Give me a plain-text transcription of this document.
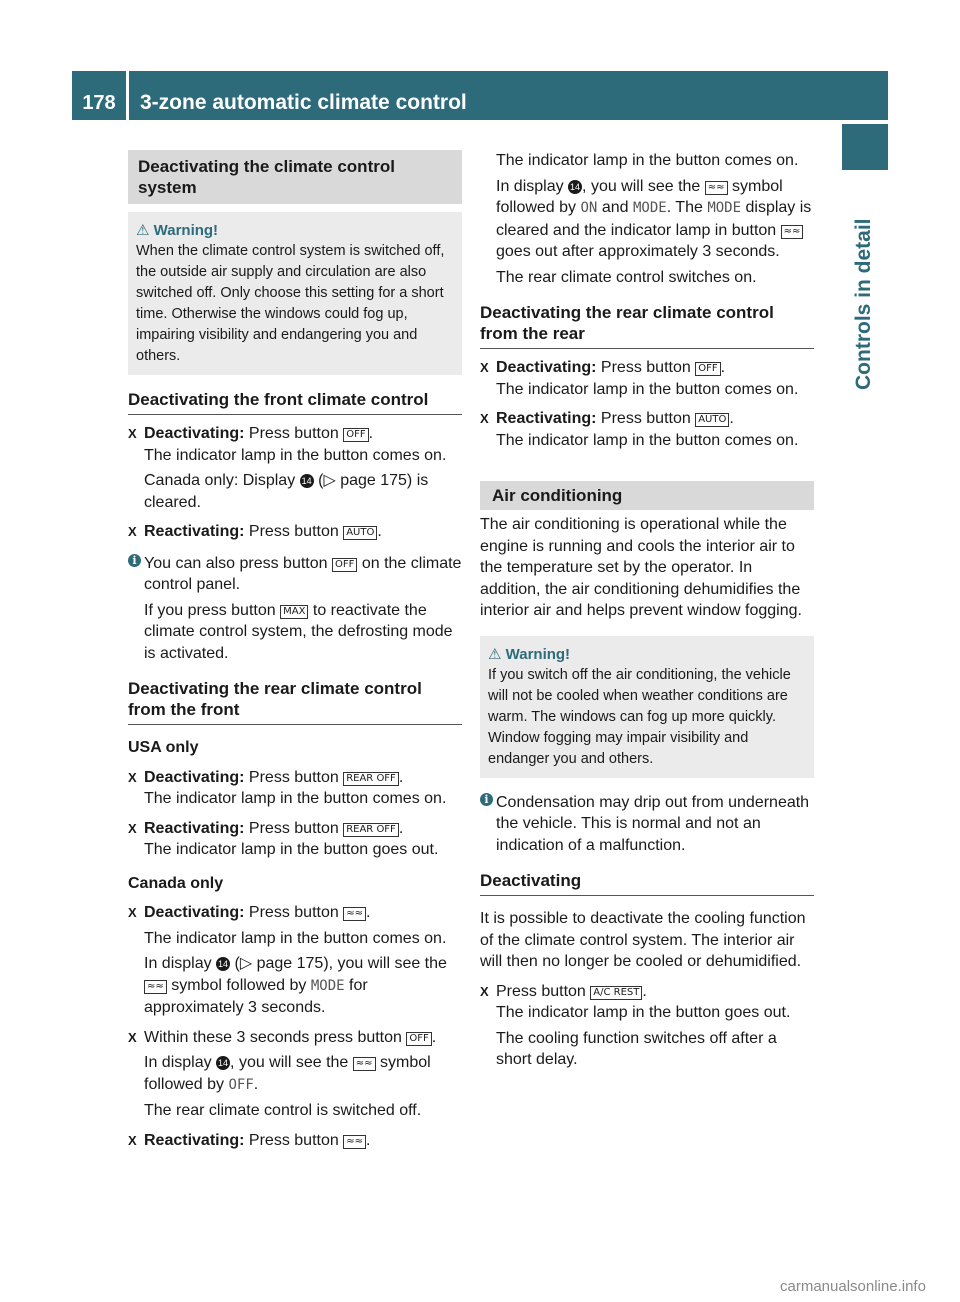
178	3-zone automatic climate control
Controls in detail
Deactivating the climate control system
⚠ Warning!
When the climate control system is switched off, the outside air supply and circulation are also switched off. Only choose this setting for a short time. Otherwise the windows could fog up, impairing visibility and endangering you and others.
Deactivating the front climate control
X Deactivating: Press button OFF .
The indicator lamp in the button comes on.
Canada only: Display 14 (▷ page 175) is cleared.
X Reactivating: Press button AUTO .
i You can also press button OFF on the climate control panel.
If you press button MAX to reactivate the climate control system, the defrosting mode is activated.
Deactivating the rear climate control from the front
USA only
X Deactivating: Press button REAR OFF .
The indicator lamp in the button comes on.
X Reactivating: Press button REAR OFF .
The indicator lamp in the button goes out.
Canada only
X Deactivating: Press button ≈≈ .
The indicator lamp in the button comes on.
In display 14 (▷ page 175), you will see the ≈≈ symbol followed by MODE for approximately 3 seconds.
X Within these 3 seconds press button OFF .
In display 14 , you will see the ≈≈ symbol followed by OFF.
The rear climate control is switched off.
X Reactivating: Press button ≈≈ .
The indicator lamp in the button comes on.
In display 14 , you will see the ≈≈ symbol followed by ON and MODE. The MODE display is cleared and the indicator lamp in button ≈≈ goes out after approximately 3 seconds.
The rear climate control switches on.
Deactivating the rear climate control from the rear
X Deactivating: Press button OFF .
The indicator lamp in the button comes on.
X Reactivating: Press button AUTO .
The indicator lamp in the button comes on.
Air conditioning
The air conditioning is operational while the engine is running and cools the interior air to the temperature set by the operator. In addition, the air conditioning dehumidifies the interior air and helps prevent window fogging.
⚠ Warning!
If you switch off the air conditioning, the vehicle will not be cooled when weather conditions are warm. The windows can fog up more quickly. Window fogging may impair visibility and endanger you and others.
i Condensation may drip out from underneath the vehicle. This is normal and not an indication of a malfunction.
Deactivating
It is possible to deactivate the cooling function of the climate control system. The interior air will then no longer be cooled or dehumidified.
X Press button A/C REST .
The indicator lamp in the button goes out.
The cooling function switches off after a short delay.
carmanualsonline.info
